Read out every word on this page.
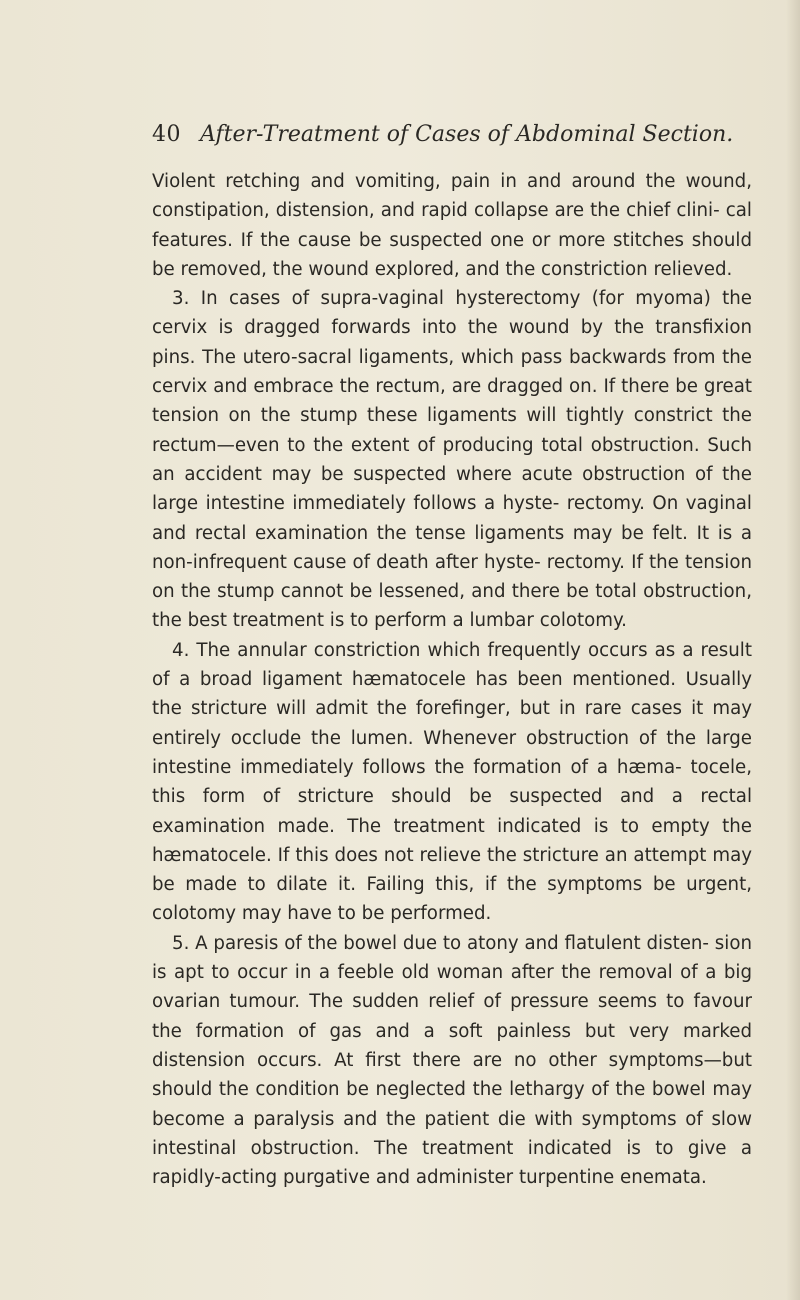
40 After-Treatment of Cases of Abdominal Section.

Violent retching and vomiting, pain in and around the wound, constipation, distension, and rapid collapse are the chief clini- cal features. If the cause be suspected one or more stitches should be removed, the wound explored, and the constriction relieved.

3. In cases of supra-vaginal hysterectomy (for myoma) the cervix is dragged forwards into the wound by the transfixion pins. The utero-sacral ligaments, which pass backwards from the cervix and embrace the rectum, are dragged on. If there be great tension on the stump these ligaments will tightly constrict the rectum—even to the extent of producing total obstruction. Such an accident may be suspected where acute obstruction of the large intestine immediately follows a hyste- rectomy. On vaginal and rectal examination the tense ligaments may be felt. It is a non-infrequent cause of death after hyste- rectomy. If the tension on the stump cannot be lessened, and there be total obstruction, the best treatment is to perform a lumbar colotomy.

4. The annular constriction which frequently occurs as a result of a broad ligament hæmatocele has been mentioned. Usually the stricture will admit the forefinger, but in rare cases it may entirely occlude the lumen. Whenever obstruction of the large intestine immediately follows the formation of a hæma- tocele, this form of stricture should be suspected and a rectal examination made. The treatment indicated is to empty the hæmatocele. If this does not relieve the stricture an attempt may be made to dilate it. Failing this, if the symptoms be urgent, colotomy may have to be performed.

5. A paresis of the bowel due to atony and flatulent disten- sion is apt to occur in a feeble old woman after the removal of a big ovarian tumour. The sudden relief of pressure seems to favour the formation of gas and a soft painless but very marked distension occurs. At first there are no other symptoms—but should the condition be neglected the lethargy of the bowel may become a paralysis and the patient die with symptoms of slow intestinal obstruction. The treatment indicated is to give a rapidly-acting purgative and administer turpentine enemata.
